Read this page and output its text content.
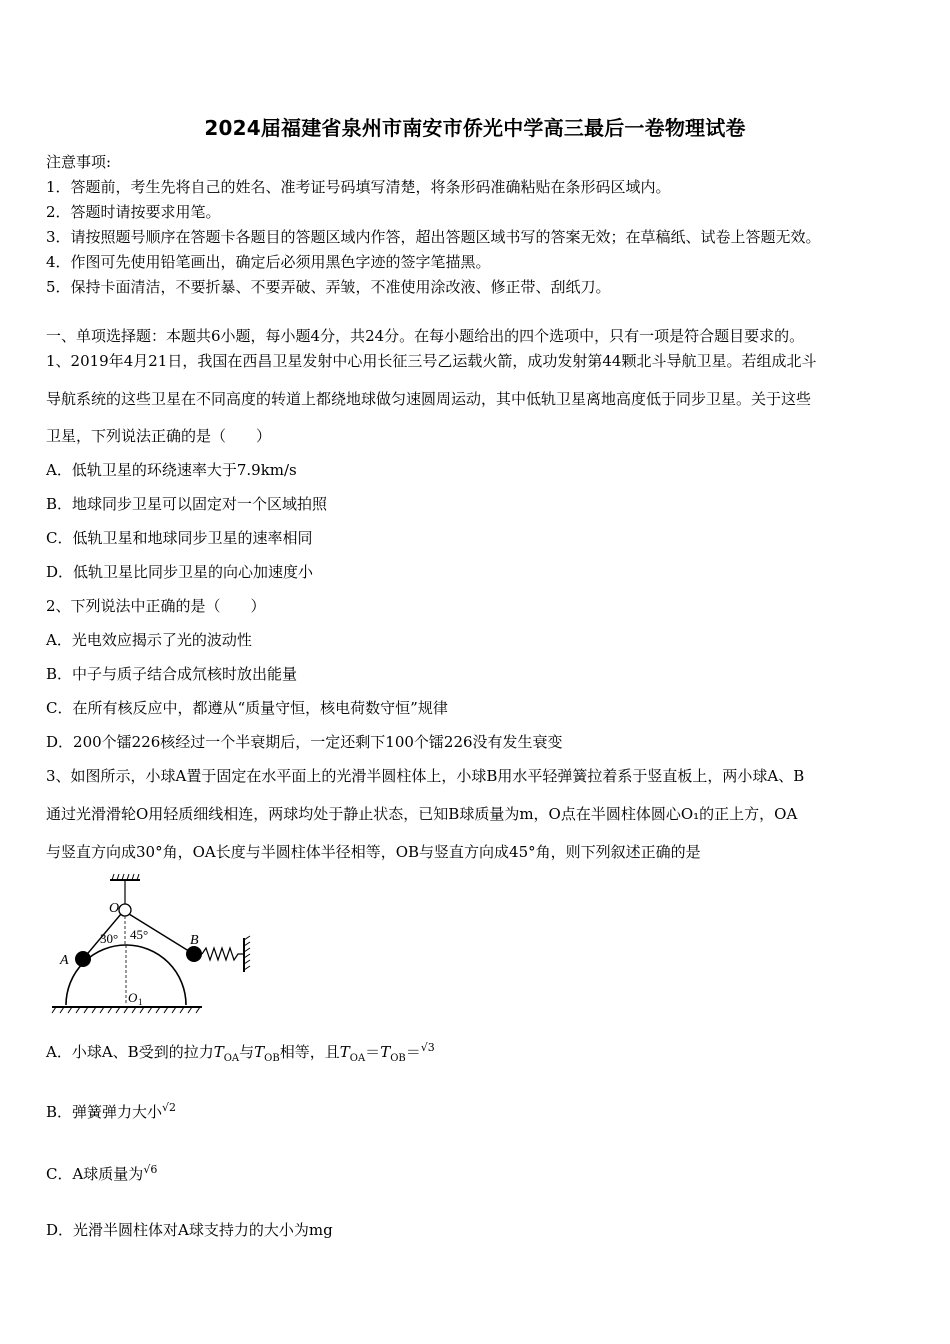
2024届福建省泉州市南安市侨光中学高三最后一卷物理试卷
注意事项:
1．答题前，考生先将自己的姓名、准考证号码填写清楚，将条形码准确粘贴在条形码区域内。
2．答题时请按要求用笔。
3．请按照题号顺序在答题卡各题目的答题区域内作答，超出答题区域书写的答案无效；在草稿纸、试卷上答题无效。
4．作图可先使用铅笔画出，确定后必须用黑色字迹的签字笔描黑。
5．保持卡面清洁，不要折暴、不要弄破、弄皱，不准使用涂改液、修正带、刮纸刀。
一、单项选择题：本题共6小题，每小题4分，共24分。在每小题给出的四个选项中，只有一项是符合题目要求的。
1、2019年4月21日，我国在西昌卫星发射中心用长征三号乙运载火箭，成功发射第44颗北斗导航卫星。若组成北斗
导航系统的这些卫星在不同高度的转道上都绕地球做匀速圆周运动，其中低轨卫星离地高度低于同步卫星。关于这些
卫星，下列说法正确的是（　　）
A．低轨卫星的环绕速率大于7.9km/s
B．地球同步卫星可以固定对一个区域拍照
C．低轨卫星和地球同步卫星的速率相同
D．低轨卫星比同步卫星的向心加速度小
2、下列说法中正确的是（　　）
A．光电效应揭示了光的波动性
B．中子与质子结合成氘核时放出能量
C．在所有核反应中，都遵从“质量守恒，核电荷数守恒”规律
D．200个镭226核经过一个半衰期后，一定还剩下100个镭226没有发生衰变
3、如图所示，小球A置于固定在水平面上的光滑半圆柱体上，小球B用水平轻弹簧拉着系于竖直板上，两小球A、B
通过光滑滑轮O用轻质细线相连，两球均处于静止状态，已知B球质量为m，O点在半圆柱体圆心O₁的正上方，OA
与竖直方向成30°角，OA长度与半圆柱体半径相等，OB与竖直方向成45°角，则下列叙述正确的是
O
A
B
30° 45°
O 1
A．小球A、B受到的拉力$T_{OA}$与$T_{OB}$相等，且$T_{OA}=T_{OB}=^{√3}$
B．弹簧弹力大小$^{√2}$
C．A球质量为$^{√6}$
D．光滑半圆柱体对A球支持力的大小为mg
